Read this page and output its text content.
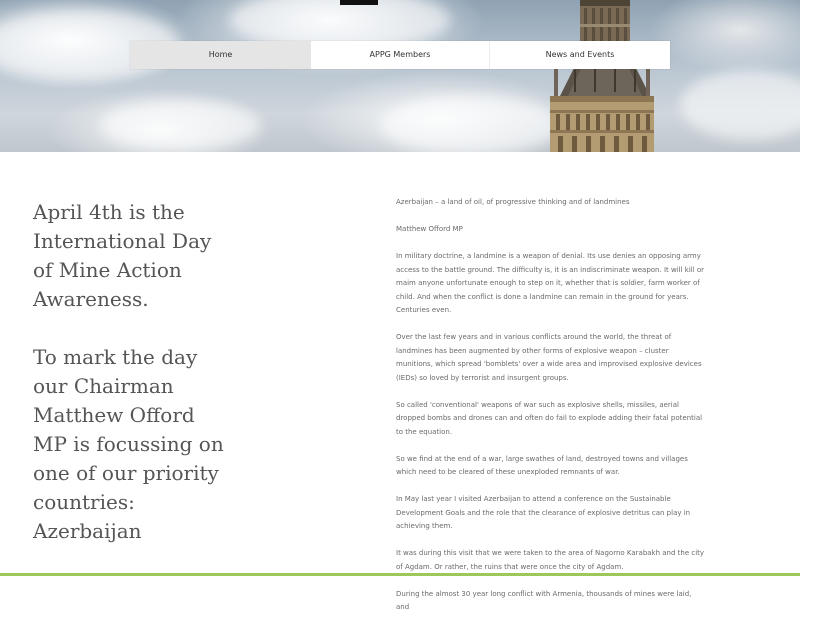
Home	APPG Members	News and Events

April 4th is the International Day of Mine Action Awareness.

To mark the day our Chairman Matthew Offord MP is focussing on one of our priority countries: Azerbaijan

Azerbaijan – a land of oil, of progressive thinking and of landmines

Matthew Offord MP

In military doctrine, a landmine is a weapon of denial. Its use denies an opposing army access to the battle ground. The difficulty is, it is an indiscriminate weapon. It will kill or maim anyone unfortunate enough to step on it, whether that is soldier, farm worker of child. And when the conflict is done a landmine can remain in the ground for years. Centuries even.

Over the last few years and in various conflicts around the world, the threat of landmines has been augmented by other forms of explosive weapon – cluster munitions, which spread 'bomblets' over a wide area and improvised explosive devices (IEDs) so loved by terrorist and insurgent groups.

So called 'conventional' weapons of war such as explosive shells, missiles, aerial dropped bombs and drones can and often do fail to explode adding their fatal potential to the equation.

So we find at the end of a war, large swathes of land, destroyed towns and villages which need to be cleared of these unexploded remnants of war.

In May last year I visited Azerbaijan to attend a conference on the Sustainable Development Goals and the role that the clearance of explosive detritus can play in achieving them.

It was during this visit that we were taken to the area of Nagorno Karabakh and the city of Agdam. Or rather, the ruins that were once the city of Agdam.

During the almost 30 year long conflict with Armenia, thousands of mines were laid, and
